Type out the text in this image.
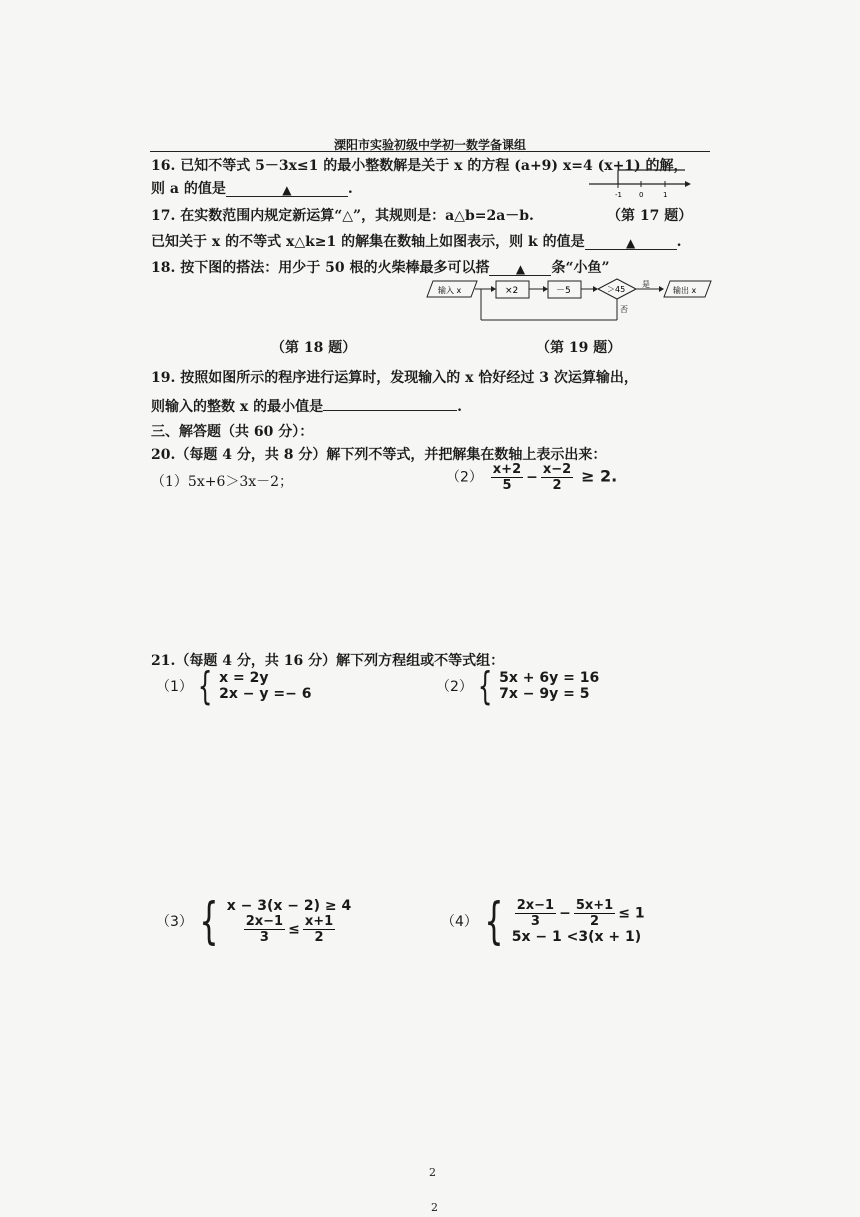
溧阳市实验初级中学初一数学备课组
16. 已知不等式 5－3x≤1 的最小整数解是关于 x 的方程 (a+9) x=4 (x+1) 的解，
则 a 的值是	▲	.	-1 0	1
17. 在实数范围内规定新运算“△”，其规则是：a△b=2a－b.	（第 17 题）
已知关于 x 的不等式 x△k≥1 的解集在数轴上如图表示，则 k 的值是	▲	.
18. 按下图的搭法：用少于 50 根的火柴棒最多可以搭 ▲ 条“小鱼”
输入 x	×2	－5	＞45
是
输出 x
否
（第 18 题）	（第 19 题）
19. 按照如图所示的程序进行运算时，发现输入的 x 恰好经过 3 次运算输出，
则输入的整数 x 的最小值是	.
三、解答题（共 60 分）：
20.（每题 4 分，共 8 分）解下列不等式，并把解集在数轴上表示出来：
（1）5x+6＞3x－2；	$(2) \frac{x+2}{5} - \frac{x-2}{2} \ge 2$.
21.（每题 4 分，共 16 分）解下列方程组或不等式组：
（1） { x = 2y
2x − y =− 6	（2） { 5x + 6y = 16
7x − 9y = 5
（3） { x − 3(x − 2) ≥ 4
$\frac{2x-1}{3} \le \frac{x+1}{2}$	（4） { $\frac{2x-1}{3} - \frac{5x+1}{2} \le 1$
5x − 1 <3(x + 1)
2
2
